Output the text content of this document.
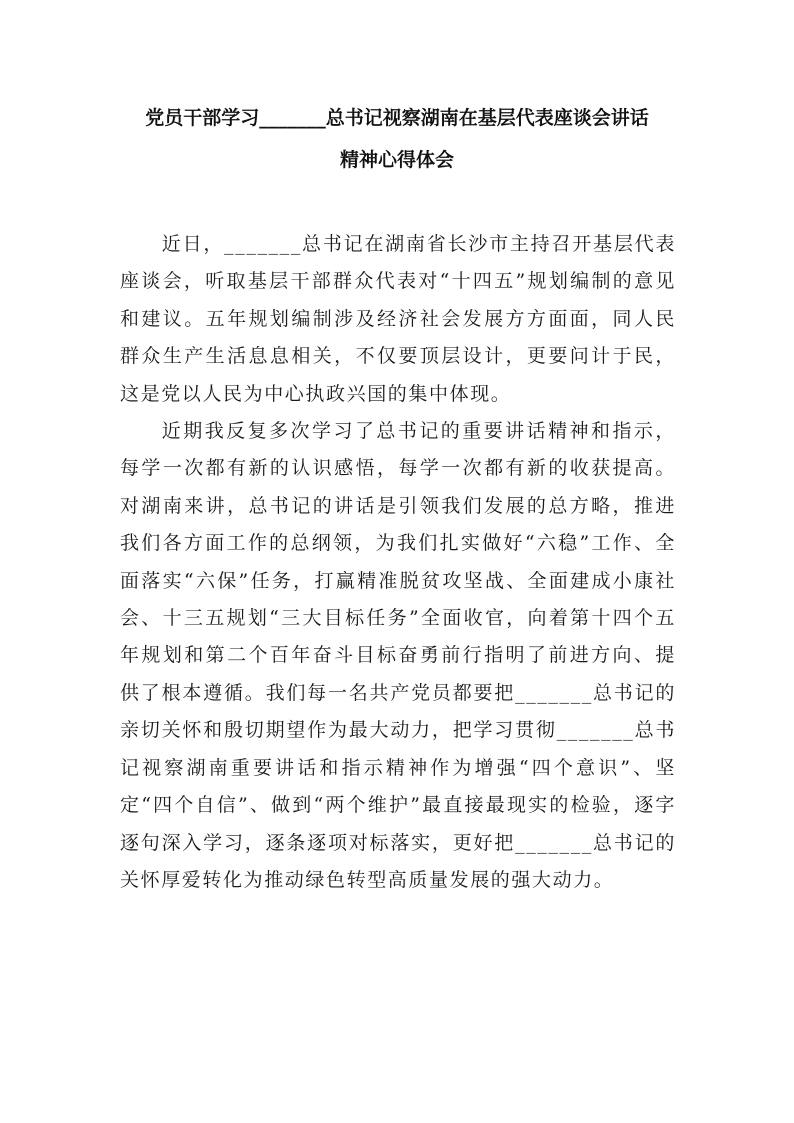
党员干部学习_______总书记视察湖南在基层代表座谈会讲话
精神心得体会

近日，_______总书记在湖南省长沙市主持召开基层代表座谈会，听取基层干部群众代表对“十四五”规划编制的意见和建议。五年规划编制涉及经济社会发展方方面面，同人民群众生产生活息息相关，不仅要顶层设计，更要问计于民，这是党以人民为中心执政兴国的集中体现。

近期我反复多次学习了总书记的重要讲话精神和指示，每学一次都有新的认识感悟，每学一次都有新的收获提高。对湖南来讲，总书记的讲话是引领我们发展的总方略，推进我们各方面工作的总纲领，为我们扎实做好“六稳”工作、全面落实“六保”任务，打赢精准脱贫攻坚战、全面建成小康社会、十三五规划“三大目标任务”全面收官，向着第十四个五年规划和第二个百年奋斗目标奋勇前行指明了前进方向、提供了根本遵循。我们每一名共产党员都要把_______总书记的亲切关怀和殷切期望作为最大动力，把学习贯彻_______总书记视察湖南重要讲话和指示精神作为增强“四个意识”、坚定“四个自信”、做到“两个维护”最直接最现实的检验，逐字逐句深入学习，逐条逐项对标落实，更好把_______总书记的关怀厚爱转化为推动绿色转型高质量发展的强大动力。
